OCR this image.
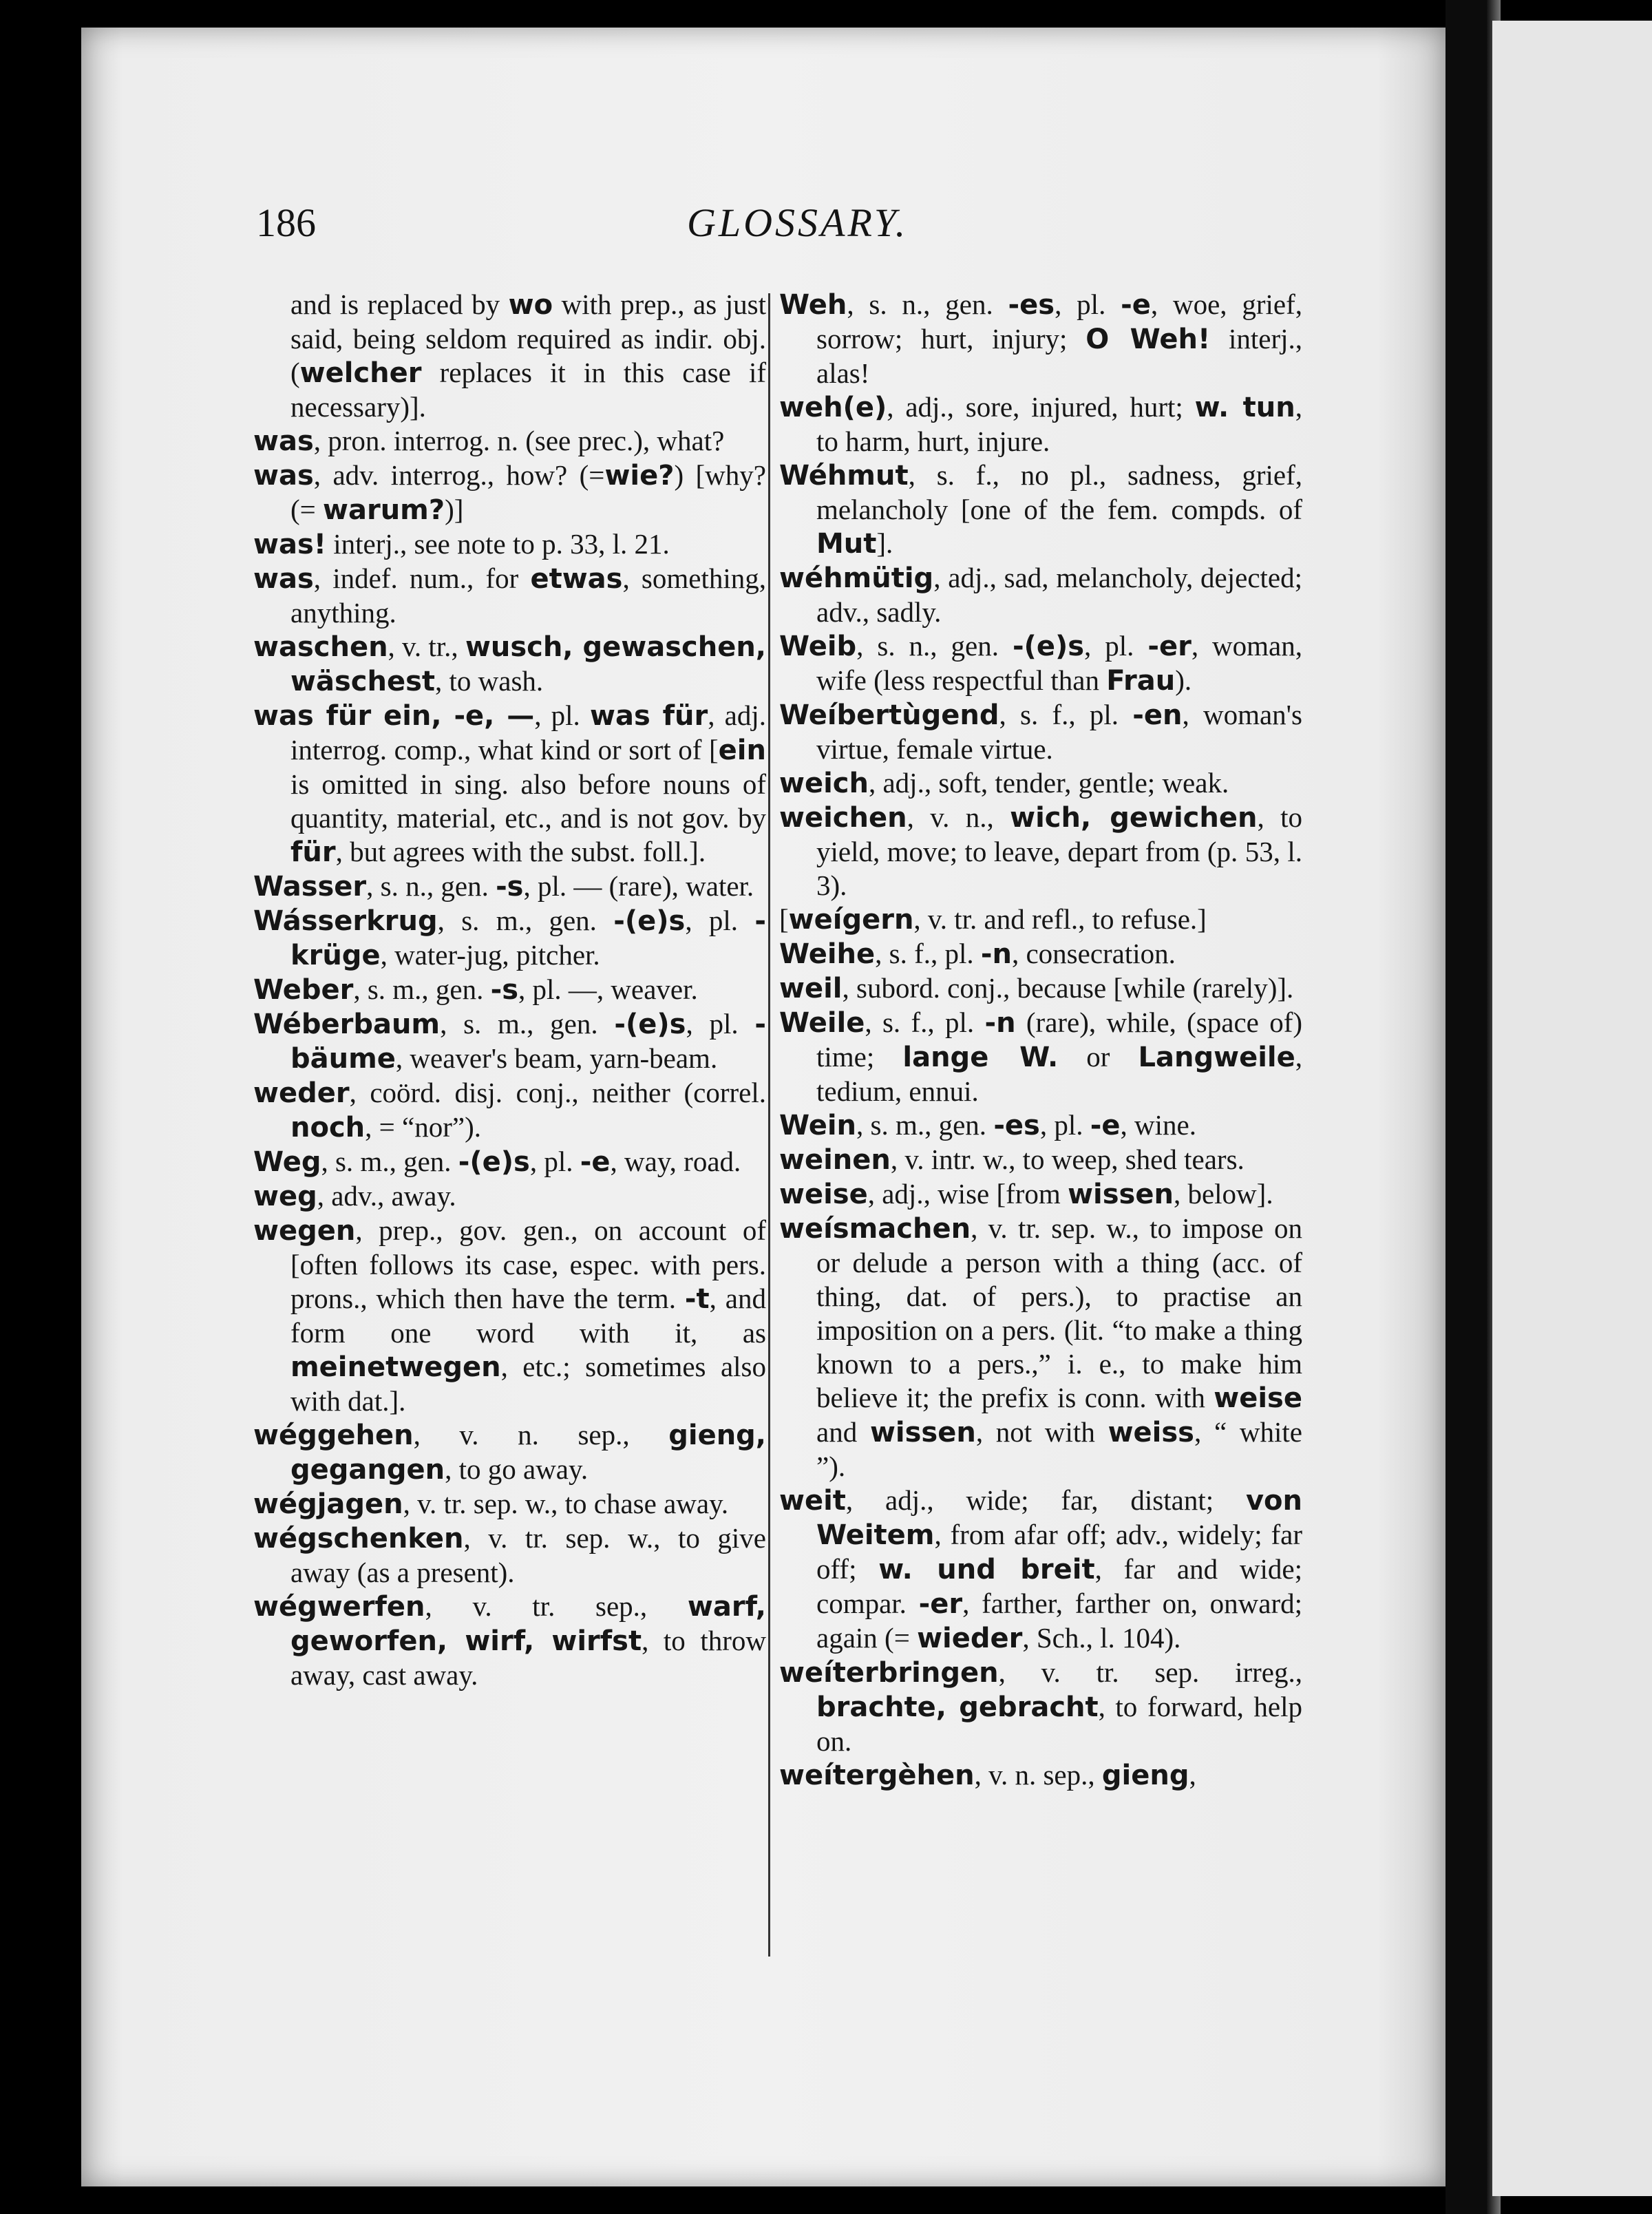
186	GLOSSARY.

and is replaced by wo with prep., as just said, being seldom required as indir. obj. (welcher replaces it in this case if necessary)].

was, pron. interrog. n. (see prec.), what?

was, adv. interrog., how? (=wie?) [why? (= warum?)]

was! interj., see note to p. 33, l. 21.

was, indef. num., for etwas, something, anything.

waschen, v. tr., wusch, gewaschen, wäschest, to wash.

was für ein, -e, —, pl. was für, adj. interrog. comp., what kind or sort of [ein is omitted in sing. also before nouns of quantity, material, etc., and is not gov. by für, but agrees with the subst. foll.].

Wasser, s. n., gen. -s, pl. — (rare), water.

Wásserkrug, s. m., gen. -(e)s, pl. -krüge, water-jug, pitcher.

Weber, s. m., gen. -s, pl. —, weaver.

Wéberbaum, s. m., gen. -(e)s, pl. -bäume, weaver's beam, yarn-beam.

weder, coörd. disj. conj., neither (correl. noch, = “nor”).

Weg, s. m., gen. -(e)s, pl. -e, way, road.

weg, adv., away.

wegen, prep., gov. gen., on account of [often follows its case, espec. with pers. prons., which then have the term. -t, and form one word with it, as meinetwegen, etc.; sometimes also with dat.].

wéggehen, v. n. sep., gieng, gegangen, to go away.

wégjagen, v. tr. sep. w., to chase away.

wégschenken, v. tr. sep. w., to give away (as a present).

wégwerfen, v. tr. sep., warf, geworfen, wirf, wirfst, to throw away, cast away.

Weh, s. n., gen. -es, pl. -e, woe, grief, sorrow; hurt, injury; O Weh! interj., alas!

weh(e), adj., sore, injured, hurt; w. tun, to harm, hurt, injure.

Wéhmut, s. f., no pl., sadness, grief, melancholy [one of the fem. compds. of Mut].

wéhmütig, adj., sad, melancholy, dejected; adv., sadly.

Weib, s. n., gen. -(e)s, pl. -er, woman, wife (less respectful than Frau).

Weíbertùgend, s. f., pl. -en, woman's virtue, female virtue.

weich, adj., soft, tender, gentle; weak.

weichen, v. n., wich, gewichen, to yield, move; to leave, depart from (p. 53, l. 3).

[weígern, v. tr. and refl., to refuse.]

Weihe, s. f., pl. -n, consecration.

weil, subord. conj., because [while (rarely)].

Weile, s. f., pl. -n (rare), while, (space of) time; lange W. or Langweile, tedium, ennui.

Wein, s. m., gen. -es, pl. -e, wine.

weinen, v. intr. w., to weep, shed tears.

weise, adj., wise [from wissen, below].

weísmachen, v. tr. sep. w., to impose on or delude a person with a thing (acc. of thing, dat. of pers.), to practise an imposition on a pers. (lit. “to make a thing known to a pers.,” i. e., to make him believe it; the prefix is conn. with weise and wissen, not with weiss, “ white ”).

weit, adj., wide; far, distant; von Weitem, from afar off; adv., widely; far off; w. und breit, far and wide; compar. -er, farther, farther on, onward; again (= wieder, Sch., l. 104).

weíterbringen, v. tr. sep. irreg., brachte, gebracht, to forward, help on.

weítergèhen, v. n. sep., gieng,
